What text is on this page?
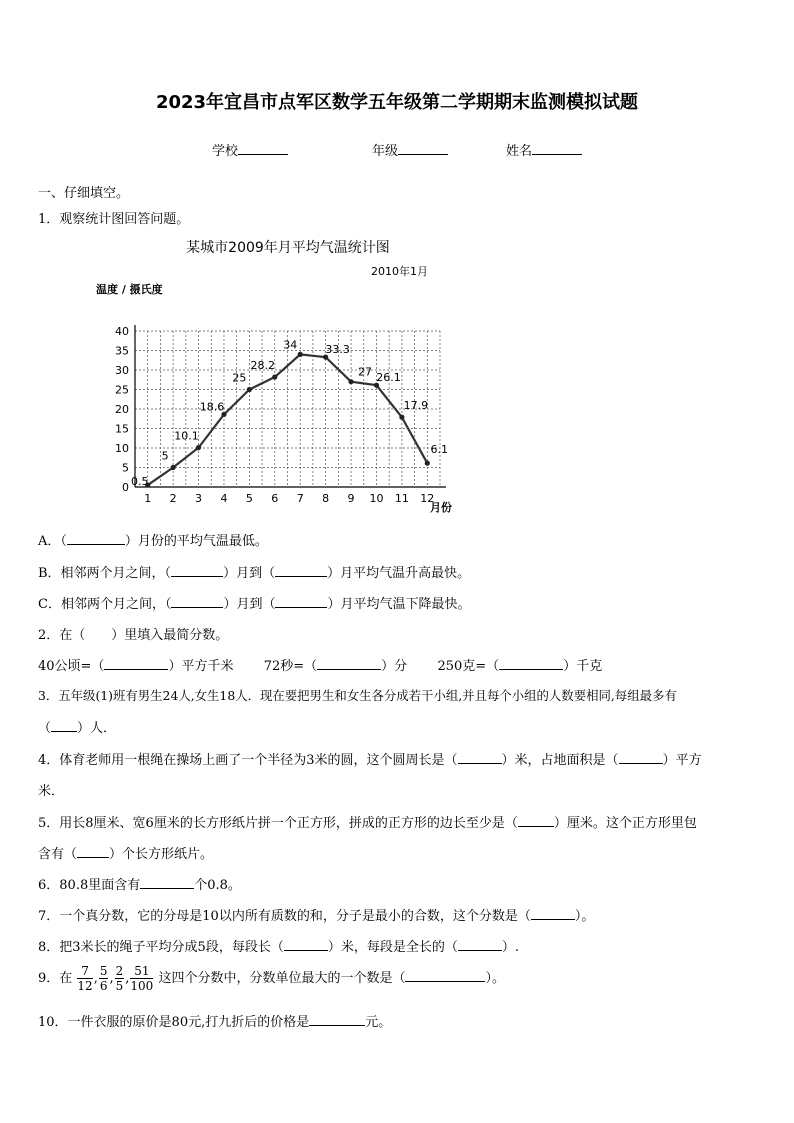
2023年宜昌市点军区数学五年级第二学期期末监测模拟试题
学校	年级	姓名
一、仔细填空。
1．观察统计图回答问题。
某城市2009年月平均气温统计图
2010年1月
温度 / 摄氏度
月份
0
5
10
15
20
25
30
35
40
1 2 3 4 5 6 7 8 9 10 11 12
0.5
5
10.1
18.6
25
28.2
34	33.3
27 26.1
17.9
6.1
A．（	）月份的平均气温最低。
B．相邻两个月之间，（	）月到（	）月平均气温升高最快。
C．相邻两个月之间，（	）月到（	）月平均气温下降最快。
2．在（　　）里填入最简分数。
40公顷=（	）平方千米 72秒=（	）分 250克=（	）千克
3．五年级(1)班有男生24人,女生18人．现在要把男生和女生各分成若干小组,并且每个小组的人数要相同,每组最多有
（ ）人．
4．体育老师用一根绳在操场上画了一个半径为3米的圆，这个圆周长是（	）米，占地面积是（	）平方
米．
5．用长8厘米、宽6厘米的长方形纸片拼一个正方形，拼成的正方形的边长至少是（	）厘米。这个正方形里包
含有（ ）个长方形纸片。
6．80.8里面含有	个0.8。
7．一个真分数，它的分母是10以内所有质数的和，分子是最小的合数，这个分数是（	）。
8．把3米长的绳子平均分成5段，每段长（	）米，每段是全长的（	）.
9．在 $\frac{7}{12}$ , $\frac{5}{6}$ , $\frac{2}{5}$ , $\frac{51}{100}$ 这四个分数中，分数单位最大的一个数是（	）。
10．一件衣服的原价是80元,打九折后的价格是	元。
